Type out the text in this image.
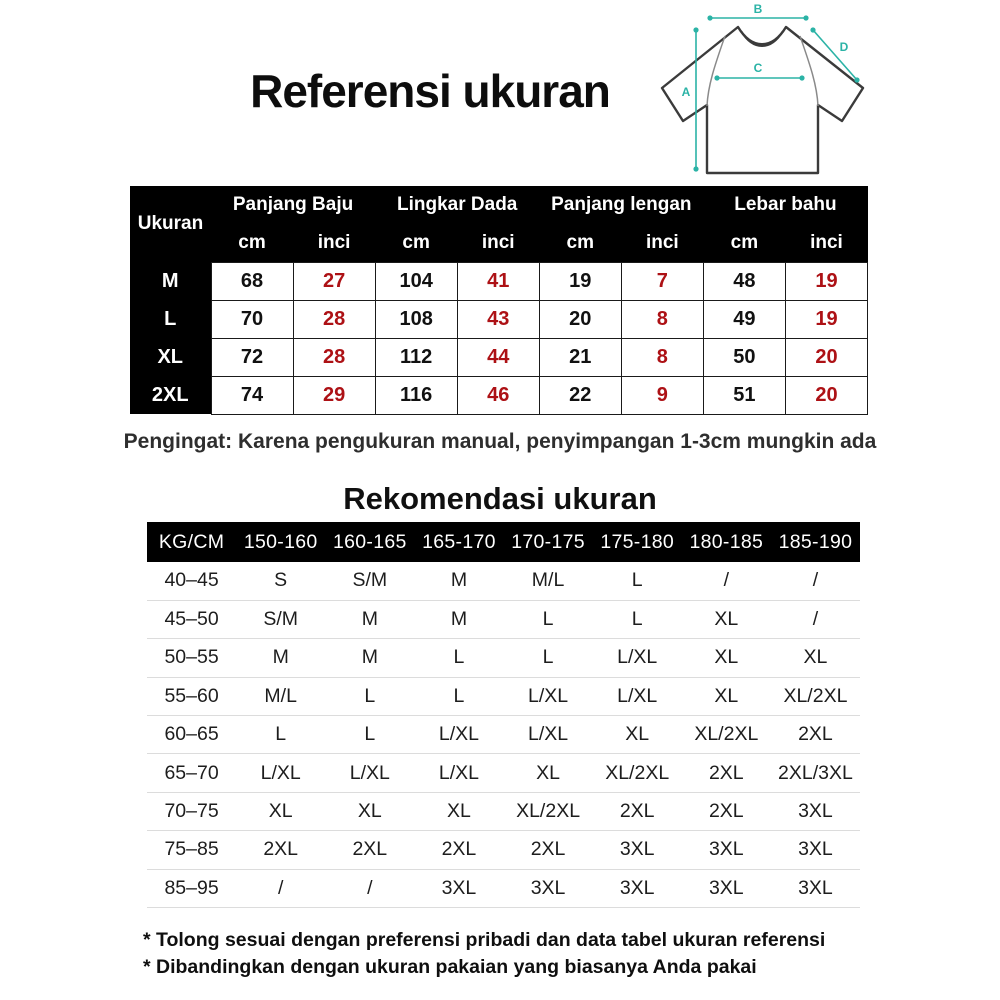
Referensi ukuran
B
A
C
D
Ukuran	Panjang Baju		Lingkar Dada		Panjang lengan		Lebar bahu	
	cm	inci	cm	inci	cm	inci	cm	inci
M	68	27	104	41	19	7	48	19
L	70	28	108	43	20	8	49	19
XL	72	28	112	44	21	8	50	20
2XL	74	29	116	46	22	9	51	20
Pengingat: Karena pengukuran manual, penyimpangan 1-3cm mungkin ada
Rekomendasi ukuran
KG/CM	150-160	160-165	165-170	170-175	175-180	180-185	185-190
40–45	S	S/M	M	M/L	L	/	/
45–50	S/M	M	M	L	L	XL	/
50–55	M	M	L	L	L/XL	XL	XL
55–60	M/L	L	L	L/XL	L/XL	XL	XL/2XL
60–65	L	L	L/XL	L/XL	XL	XL/2XL	2XL
65–70	L/XL	L/XL	L/XL	XL	XL/2XL	2XL	2XL/3XL
70–75	XL	XL	XL	XL/2XL	2XL	2XL	3XL
75–85	2XL	2XL	2XL	2XL	3XL	3XL	3XL
85–95	/	/	3XL	3XL	3XL	3XL	3XL
* Tolong sesuai dengan preferensi pribadi dan data tabel ukuran referensi
* Dibandingkan dengan ukuran pakaian yang biasanya Anda pakai
